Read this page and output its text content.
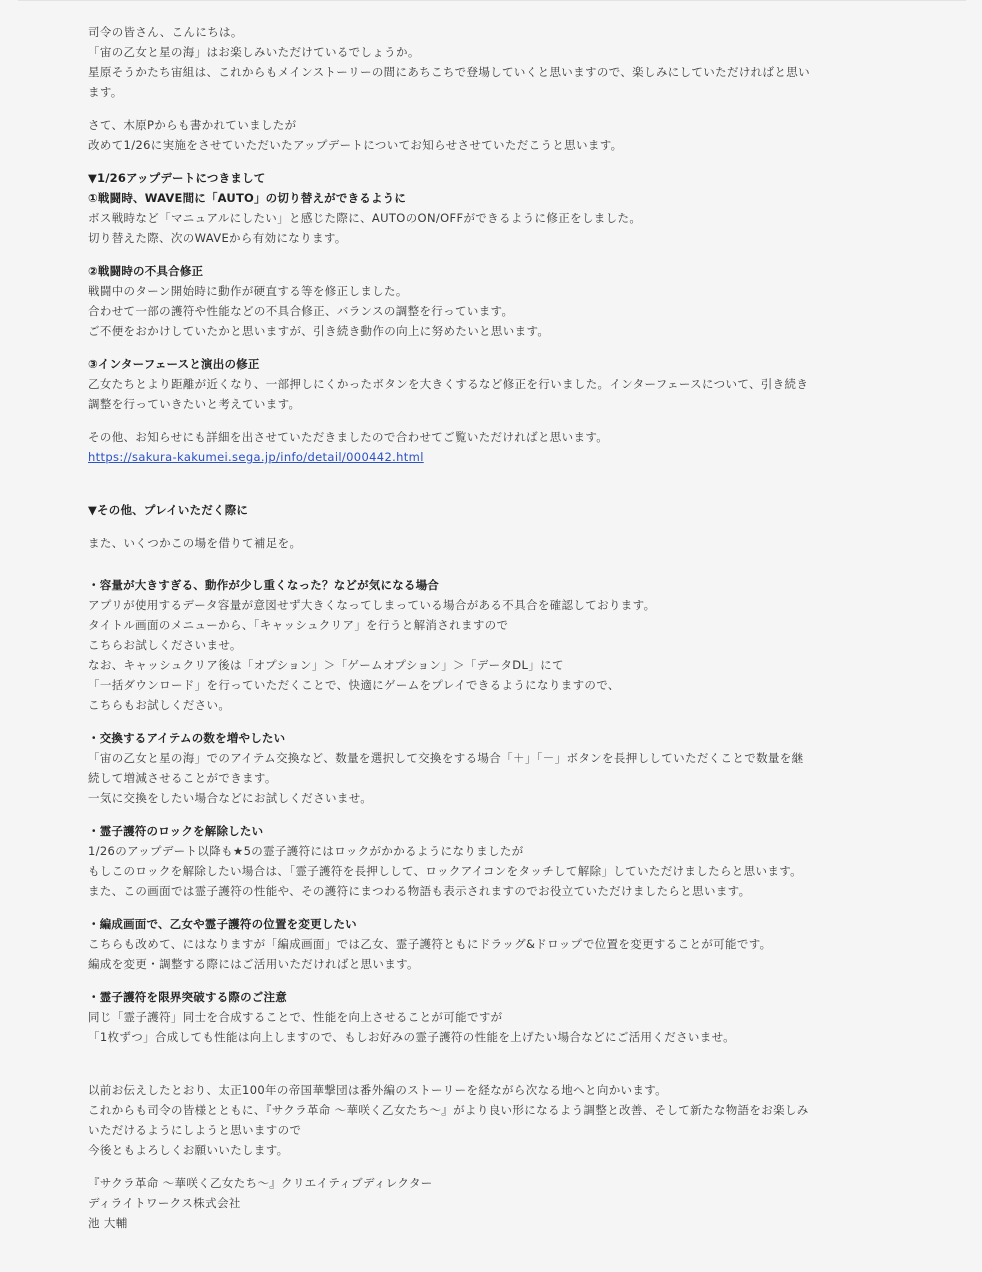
司令の皆さん、こんにちは。
「宙の乙女と星の海」はお楽しみいただけているでしょうか。
星原そうかたち宙組は、これからもメインストーリーの間にあちこちで登場していくと思いますので、楽しみにしていただければと思い
ます。

さて、木原Pからも書かれていましたが
改めて1/26に実施をさせていただいたアップデートについてお知らせさせていただこうと思います。

▼1/26アップデートにつきまして

①戦闘時、WAVE間に「AUTO」の切り替えができるように

ボス戦時など「マニュアルにしたい」と感じた際に、AUTOのON/OFFができるように修正をしました。
切り替えた際、次のWAVEから有効になります。

②戦闘時の不具合修正

戦闘中のターン開始時に動作が硬直する等を修正しました。
合わせて一部の護符や性能などの不具合修正、バランスの調整を行っています。
ご不便をおかけしていたかと思いますが、引き続き動作の向上に努めたいと思います。

③インターフェースと演出の修正

乙女たちとより距離が近くなり、一部押しにくかったボタンを大きくするなど修正を行いました。インターフェースについて、引き続き
調整を行っていきたいと考えています。

その他、お知らせにも詳細を出させていただきましたので合わせてご覧いただければと思います。

https://sakura-kakumei.sega.jp/info/detail/000442.html

▼その他、プレイいただく際に

また、いくつかこの場を借りて補足を。

・容量が大きすぎる、動作が少し重くなった？などが気になる場合

アプリが使用するデータ容量が意図せず大きくなってしまっている場合がある不具合を確認しております。
タイトル画面のメニューから、「キャッシュクリア」を行うと解消されますので
こちらお試しくださいませ。
なお、キャッシュクリア後は「オプション」＞「ゲームオプション」＞「データDL」にて
「一括ダウンロード」を行っていただくことで、快適にゲームをプレイできるようになりますので、
こちらもお試しください。

・交換するアイテムの数を増やしたい

「宙の乙女と星の海」でのアイテム交換など、数量を選択して交換をする場合「＋」「－」ボタンを長押ししていただくことで数量を継
続して増減させることができます。
一気に交換をしたい場合などにお試しくださいませ。

・霊子護符のロックを解除したい

1/26のアップデート以降も★5の霊子護符にはロックがかかるようになりましたが
もしこのロックを解除したい場合は、「霊子護符を長押しして、ロックアイコンをタッチして解除」していただけましたらと思います。
また、この画面では霊子護符の性能や、その護符にまつわる物語も表示されますのでお役立ていただけましたらと思います。

・編成画面で、乙女や霊子護符の位置を変更したい

こちらも改めて、にはなりますが「編成画面」では乙女、霊子護符ともにドラッグ&ドロップで位置を変更することが可能です。
編成を変更・調整する際にはご活用いただければと思います。

・霊子護符を限界突破する際のご注意

同じ「霊子護符」同士を合成することで、性能を向上させることが可能ですが
「1枚ずつ」合成しても性能は向上しますので、もしお好みの霊子護符の性能を上げたい場合などにご活用くださいませ。

以前お伝えしたとおり、太正100年の帝国華撃団は番外編のストーリーを経ながら次なる地へと向かいます。
これからも司令の皆様とともに、『サクラ革命 〜華咲く乙女たち〜』がより良い形になるよう調整と改善、そして新たな物語をお楽しみ
いただけるようにしようと思いますので
今後ともよろしくお願いいたします。

『サクラ革命 〜華咲く乙女たち〜』クリエイティブディレクター
ディライトワークス株式会社
池 大輔
